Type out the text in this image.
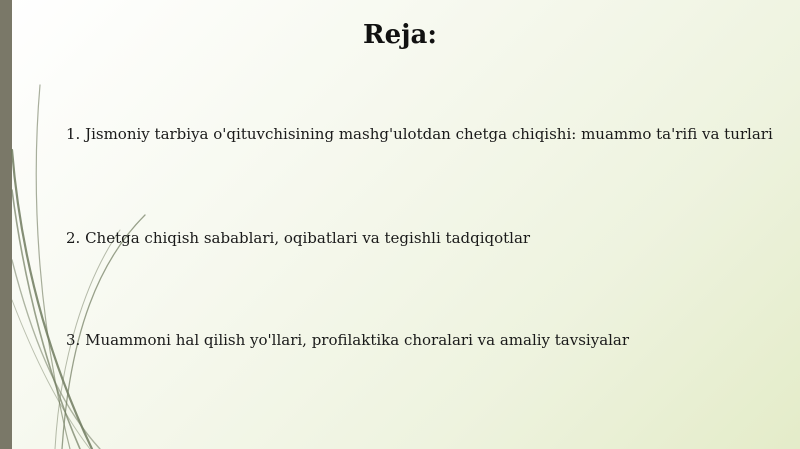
Reja:
1. Jismoniy tarbiya o'qituvchisining mashg'ulotdan chetga chiqishi: muammo ta'rifi va turlari
2. Chetga chiqish sabablari, oqibatlari va tegishli tadqiqotlar
3. Muammoni hal qilish yo'llari, profilaktika choralari va amaliy tavsiyalar
